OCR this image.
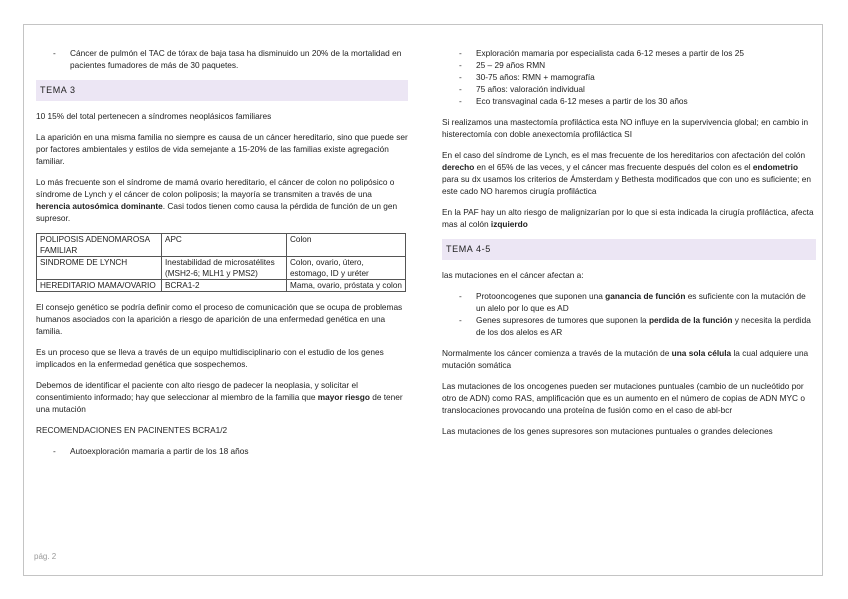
- Cáncer de pulmón el TAC de tórax de baja tasa ha disminuido un 20% de la mortalidad en pacientes fumadores de más de 30 paquetes.
TEMA 3

10 15% del total pertenecen a síndromes neoplásicos familiares

La aparición en una misma familia no siempre es causa de un cáncer hereditario, sino que puede ser por factores ambientales y estilos de vida semejante a 15-20% de las familias existe agregación familiar.

Lo más frecuente son el síndrome de mamá ovario hereditario, el cáncer de colon no polipósico o síndrome de Lynch y el cáncer de colon poliposis; la mayoría se transmiten a través de una herencia autosómica dominante. Casi todos tienen como causa la pérdida de función de un gen supresor.

POLIPOSIS ADENOMAROSA FAMILIAR	APC	Colon
SINDROME DE LYNCH	Inestabilidad de microsatélites (MSH2-6; MLH1 y PMS2)	Colon, ovario, útero, estomago, ID y uréter
HEREDITARIO MAMA/OVARIO	BCRA1-2	Mama, ovario, próstata y colon

El consejo genético se podría definir como el proceso de comunicación que se ocupa de problemas humanos asociados con la aparición a riesgo de aparición de una enfermedad genética en una familia.

Es un proceso que se lleva a través de un equipo multidisciplinario con el estudio de los genes implicados en la enfermedad genética que sospechemos.

Debemos de identificar el paciente con alto riesgo de padecer la neoplasia, y solicitar el consentimiento informado; hay que seleccionar al miembro de la familia que mayor riesgo de tener una mutación

RECOMENDACIONES EN PACINENTES BCRA1/2

- Autoexploración mamaria a partir de los 18 años
- Exploración mamaria por especialista cada 6-12 meses a partir de los 25
- 25 – 29 años RMN
- 30-75 años: RMN + mamografía
- 75 años: valoración individual
- Eco transvaginal cada 6-12 meses a partir de los 30 años

Si realizamos una mastectomía profiláctica esta NO influye en la supervivencia global; en cambio in histerectomía con doble anexectomía profiláctica SI

En el caso del síndrome de Lynch, es el mas frecuente de los hereditarios con afectación del colón derecho en el 65% de las veces, y el cáncer mas frecuente después del colon es el endometrio para su dx usamos los criterios de Ámsterdam y Bethesta modificados que con uno es suficiente; en este cado NO haremos cirugía profiláctica

En la PAF hay un alto riesgo de malignizarían por lo que si esta indicada la cirugía profiláctica, afecta mas al colón izquierdo

TEMA 4-5

las mutaciones en el cáncer afectan a:

- Protooncogenes que suponen una ganancia de función es suficiente con la mutación de un alelo por lo que es AD
- Genes supresores de tumores que suponen la perdida de la función y necesita la perdida de los dos alelos es AR

Normalmente los cáncer comienza a través de la mutación de una sola célula la cual adquiere una mutación somática

Las mutaciones de los oncogenes pueden ser mutaciones puntuales (cambio de un nucleótido por otro de ADN) como RAS, amplificación que es un aumento en el número de copias de ADN MYC o translocaciones provocando una proteína de fusión como en el caso de abl-bcr

Las mutaciones de los genes supresores son mutaciones puntuales o grandes deleciones

pág. 2
